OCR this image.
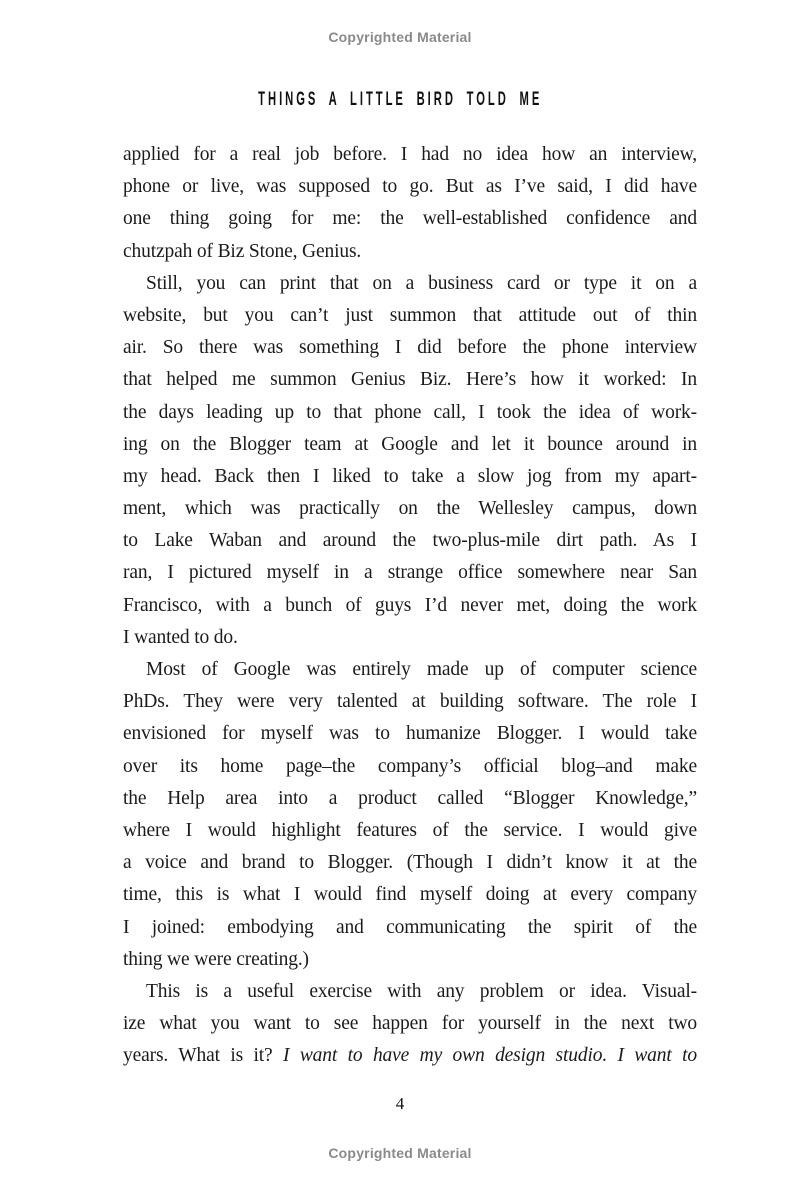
Copyrighted Material
THINGS A LITTLE BIRD TOLD ME
applied for a real job before. I had no idea how an interview,
phone or live, was supposed to go. But as I’ve said, I did have
one thing going for me: the well-established confidence and
chutzpah of Biz Stone, Genius.
Still, you can print that on a business card or type it on a
website, but you can’t just summon that attitude out of thin
air. So there was something I did before the phone interview
that helped me summon Genius Biz. Here’s how it worked: In
the days leading up to that phone call, I took the idea of work-
ing on the Blogger team at Google and let it bounce around in
my head. Back then I liked to take a slow jog from my apart-
ment, which was practically on the Wellesley campus, down
to Lake Waban and around the two-plus-mile dirt path. As I
ran, I pictured myself in a strange office somewhere near San
Francisco, with a bunch of guys I’d never met, doing the work
I wanted to do.
Most of Google was entirely made up of computer science
PhDs. They were very talented at building software. The role I
envisioned for myself was to humanize Blogger. I would take
over its home page–the company’s official blog–and make
the Help area into a product called “Blogger Knowledge,”
where I would highlight features of the service. I would give
a voice and brand to Blogger. (Though I didn’t know it at the
time, this is what I would find myself doing at every company
I joined: embodying and communicating the spirit of the
thing we were creating.)
This is a useful exercise with any problem or idea. Visual-
ize what you want to see happen for yourself in the next two
years. What is it? I want to have my own design studio. I want to
4
Copyrighted Material
